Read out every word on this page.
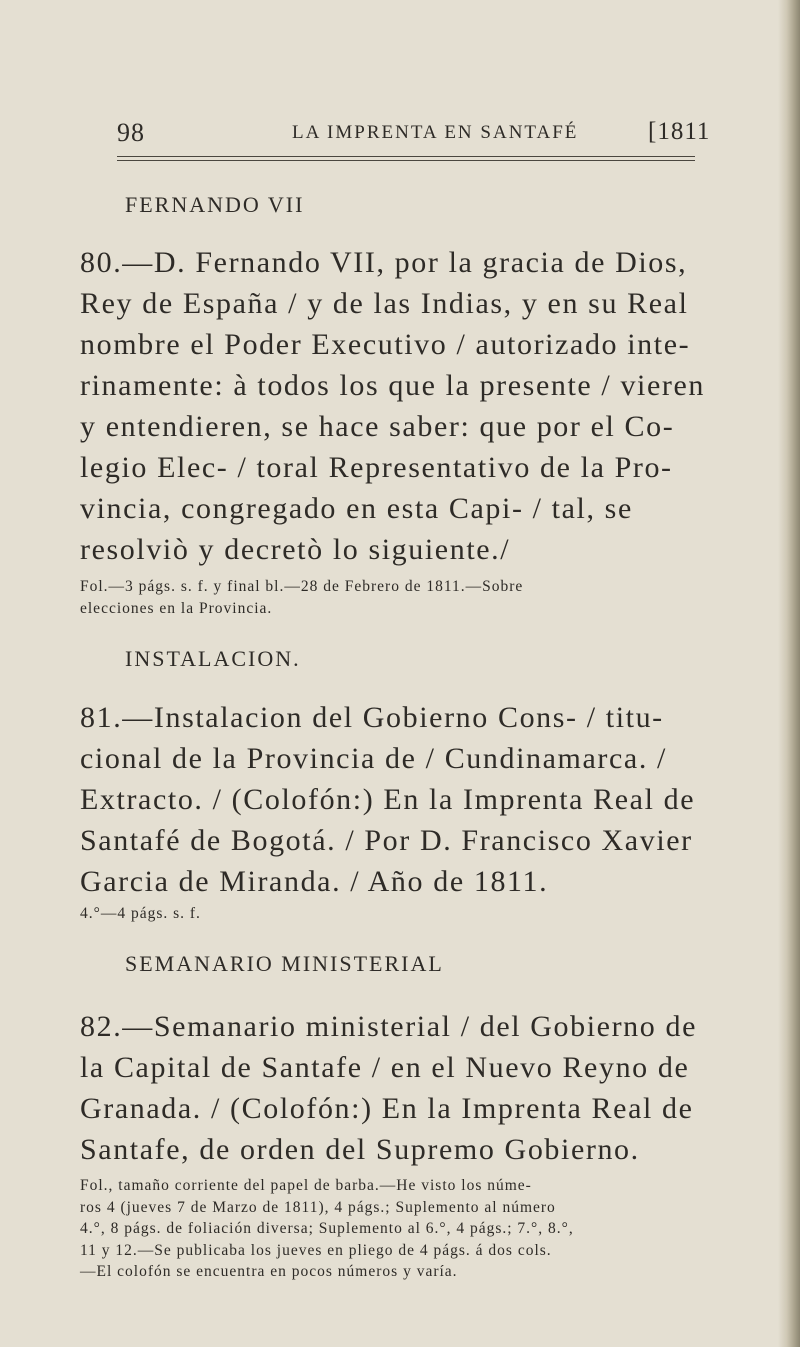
98	LA IMPRENTA EN SANTAFÉ	[1811
FERNANDO VII
80.—D. Fernando VII, por la gracia de Dios,
Rey de España / y de las Indias, y en su Real
nombre el Poder Executivo / autorizado inte-
rinamente: à todos los que la presente / vieren
y entendieren, se hace saber: que por el Co-
legio Elec- / toral Representativo de la Pro-
vincia, congregado en esta Capi- / tal, se
resolviò y decretò lo siguiente./
Fol.—3 págs. s. f. y final bl.—28 de Febrero de 1811.—Sobre
elecciones en la Provincia.
INSTALACION.
81.—Instalacion del Gobierno Cons- / titu-
cional de la Provincia de / Cundinamarca. /
Extracto. / (Colofón:) En la Imprenta Real de
Santafé de Bogotá. / Por D. Francisco Xavier
Garcia de Miranda. / Año de 1811.
4.°—4 págs. s. f.
SEMANARIO MINISTERIAL
82.—Semanario ministerial / del Gobierno de
la Capital de Santafe / en el Nuevo Reyno de
Granada. / (Colofón:) En la Imprenta Real de
Santafe, de orden del Supremo Gobierno.
Fol., tamaño corriente del papel de barba.—He visto los núme-
ros 4 (jueves 7 de Marzo de 1811), 4 págs.; Suplemento al número
4.°, 8 págs. de foliación diversa; Suplemento al 6.°, 4 págs.; 7.°, 8.°,
11 y 12.—Se publicaba los jueves en pliego de 4 págs. á dos cols.
—El colofón se encuentra en pocos números y varía.
